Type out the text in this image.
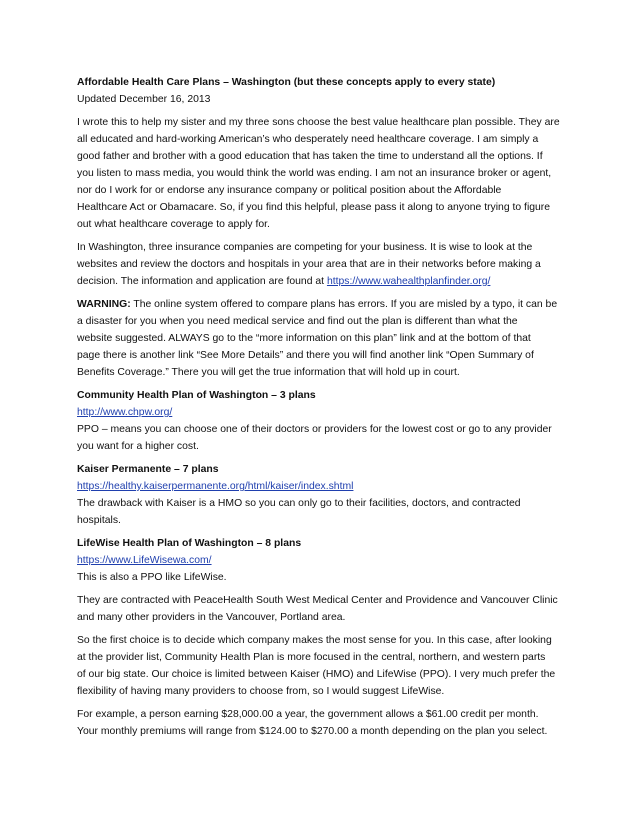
Affordable Health Care Plans – Washington (but these concepts apply to every state)
Updated December 16, 2013

I wrote this to help my sister and my three sons choose the best value healthcare plan possible. They are
all educated and hard-working American’s who desperately need healthcare coverage. I am simply a
good father and brother with a good education that has taken the time to understand all the options. If
you listen to mass media, you would think the world was ending. I am not an insurance broker or agent,
nor do I work for or endorse any insurance company or political position about the Affordable
Healthcare Act or Obamacare. So, if you find this helpful, please pass it along to anyone trying to figure
out what healthcare coverage to apply for.

In Washington, three insurance companies are competing for your business. It is wise to look at the
websites and review the doctors and hospitals in your area that are in their networks before making a
decision. The information and application are found at https://www.wahealthplanfinder.org/

WARNING: The online system offered to compare plans has errors. If you are misled by a typo, it can be
a disaster for you when you need medical service and find out the plan is different than what the
website suggested. ALWAYS go to the “more information on this plan” link and at the bottom of that
page there is another link “See More Details” and there you will find another link “Open Summary of
Benefits Coverage.” There you will get the true information that will hold up in court.

Community Health Plan of Washington – 3 plans
http://www.chpw.org/
PPO – means you can choose one of their doctors or providers for the lowest cost or go to any provider
you want for a higher cost.
Kaiser Permanente – 7 plans
https://healthy.kaiserpermanente.org/html/kaiser/index.shtml
The drawback with Kaiser is a HMO so you can only go to their facilities, doctors, and contracted
hospitals.
LifeWise Health Plan of Washington – 8 plans
https://www.LifeWisewa.com/
This is also a PPO like LifeWise.

They are contracted with PeaceHealth South West Medical Center and Providence and Vancouver Clinic
and many other providers in the Vancouver, Portland area.

So the first choice is to decide which company makes the most sense for you. In this case, after looking
at the provider list, Community Health Plan is more focused in the central, northern, and western parts
of our big state. Our choice is limited between Kaiser (HMO) and LifeWise (PPO). I very much prefer the
flexibility of having many providers to choose from, so I would suggest LifeWise.

For example, a person earning $28,000.00 a year, the government allows a $61.00 credit per month.
Your monthly premiums will range from $124.00 to $270.00 a month depending on the plan you select.
